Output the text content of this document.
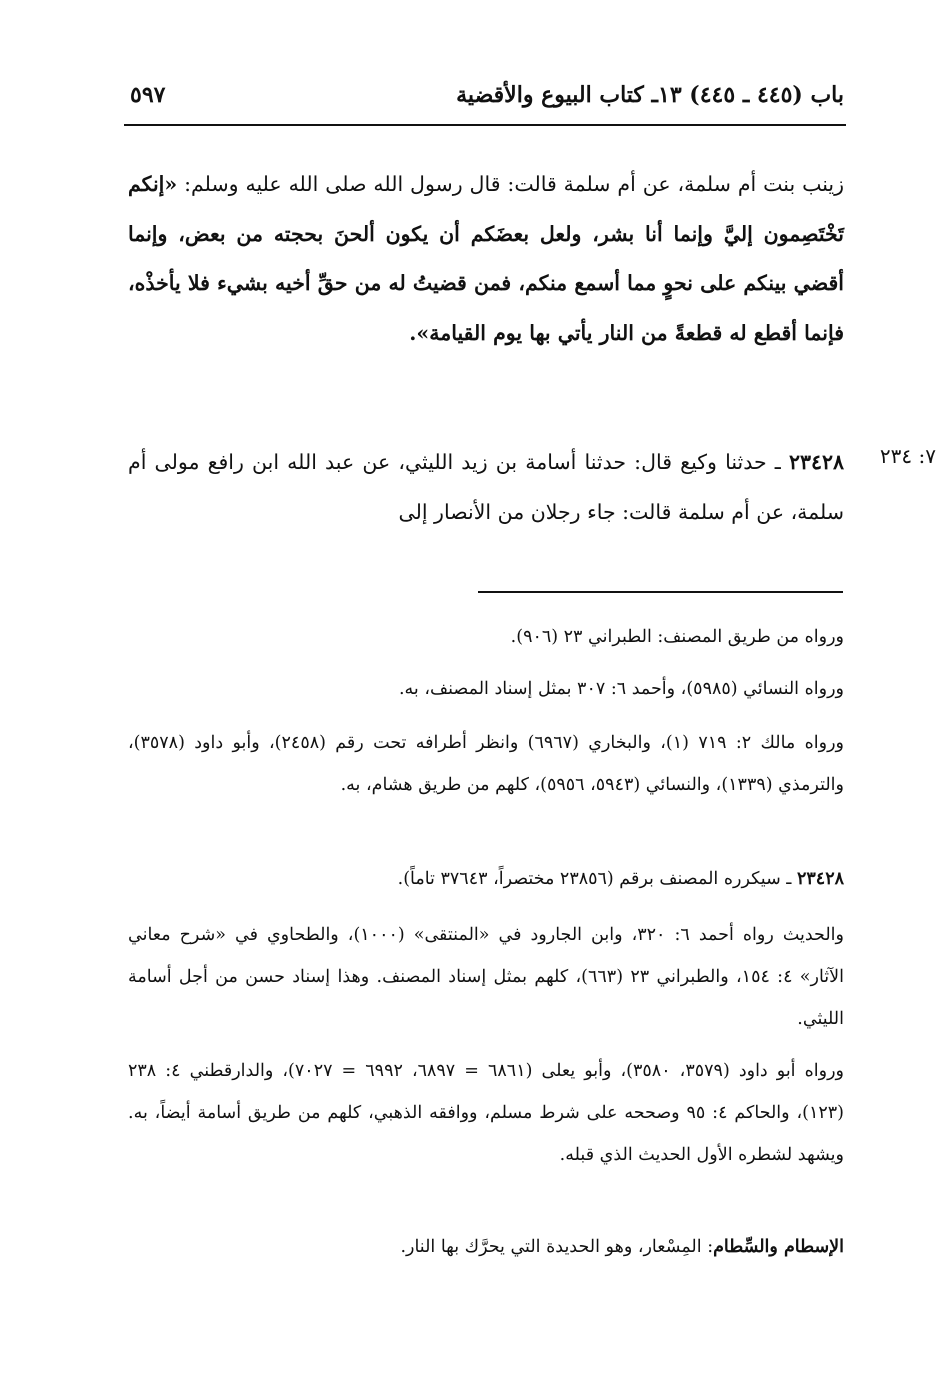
باب (٤٤٥ ـ ٤٤٥) ١٣ـ كتاب البيوع والأقضية
٥٩٧
زينب بنت أم سلمة، عن أم سلمة قالت: قال رسول الله صلى الله عليه وسلم: «إنكم تَخْتَصِمون إليَّ وإنما أنا بشر، ولعل بعضَكم أن يكون ألحنَ بحجته من بعض، وإنما أقضي بينكم على نحوٍ مما أسمع منكم، فمن قضيتُ له من حقِّ أخيه بشيء فلا يأخذْه، فإنما أقطع له قطعةً من النار يأتي بها يوم القيامة».
٧: ٢٣٤
٢٣٤٢٨ ـ حدثنا وكيع قال: حدثنا أسامة بن زيد الليثي، عن عبد الله ابن رافع مولى أم سلمة، عن أم سلمة قالت: جاء رجلان من الأنصار إلى

ورواه من طريق المصنف: الطبراني ٢٣ (٩٠٦).

ورواه النسائي (٥٩٨٥)، وأحمد ٦: ٣٠٧ بمثل إسناد المصنف، به.

ورواه مالك ٢: ٧١٩ (١)، والبخاري (٦٩٦٧) وانظر أطرافه تحت رقم (٢٤٥٨)، وأبو داود (٣٥٧٨)، والترمذي (١٣٣٩)، والنسائي (٥٩٤٣، ٥٩٥٦)، كلهم من طريق هشام، به.

٢٣٤٢٨ ـ سيكرره المصنف برقم (٢٣٨٥٦ مختصراً، ٣٧٦٤٣ تاماً).

والحديث رواه أحمد ٦: ٣٢٠، وابن الجارود في «المنتقى» (١٠٠٠)، والطحاوي في «شرح معاني الآثار» ٤: ١٥٤، والطبراني ٢٣ (٦٦٣)، كلهم بمثل إسناد المصنف. وهذا إسناد حسن من أجل أسامة الليثي.

ورواه أبو داود (٣٥٧٩، ٣٥٨٠)، وأبو يعلى (٦٨٦١ = ٦٨٩٧، ٦٩٩٢ = ٧٠٢٧)، والدارقطني ٤: ٢٣٨ (١٢٣)، والحاكم ٤: ٩٥ وصححه على شرط مسلم، ووافقه الذهبي، كلهم من طريق أسامة أيضاً، به. ويشهد لشطره الأول الحديث الذي قبله.

الإسطام والسِّطام: المِسْعار، وهو الحديدة التي يحرَّك بها النار.
